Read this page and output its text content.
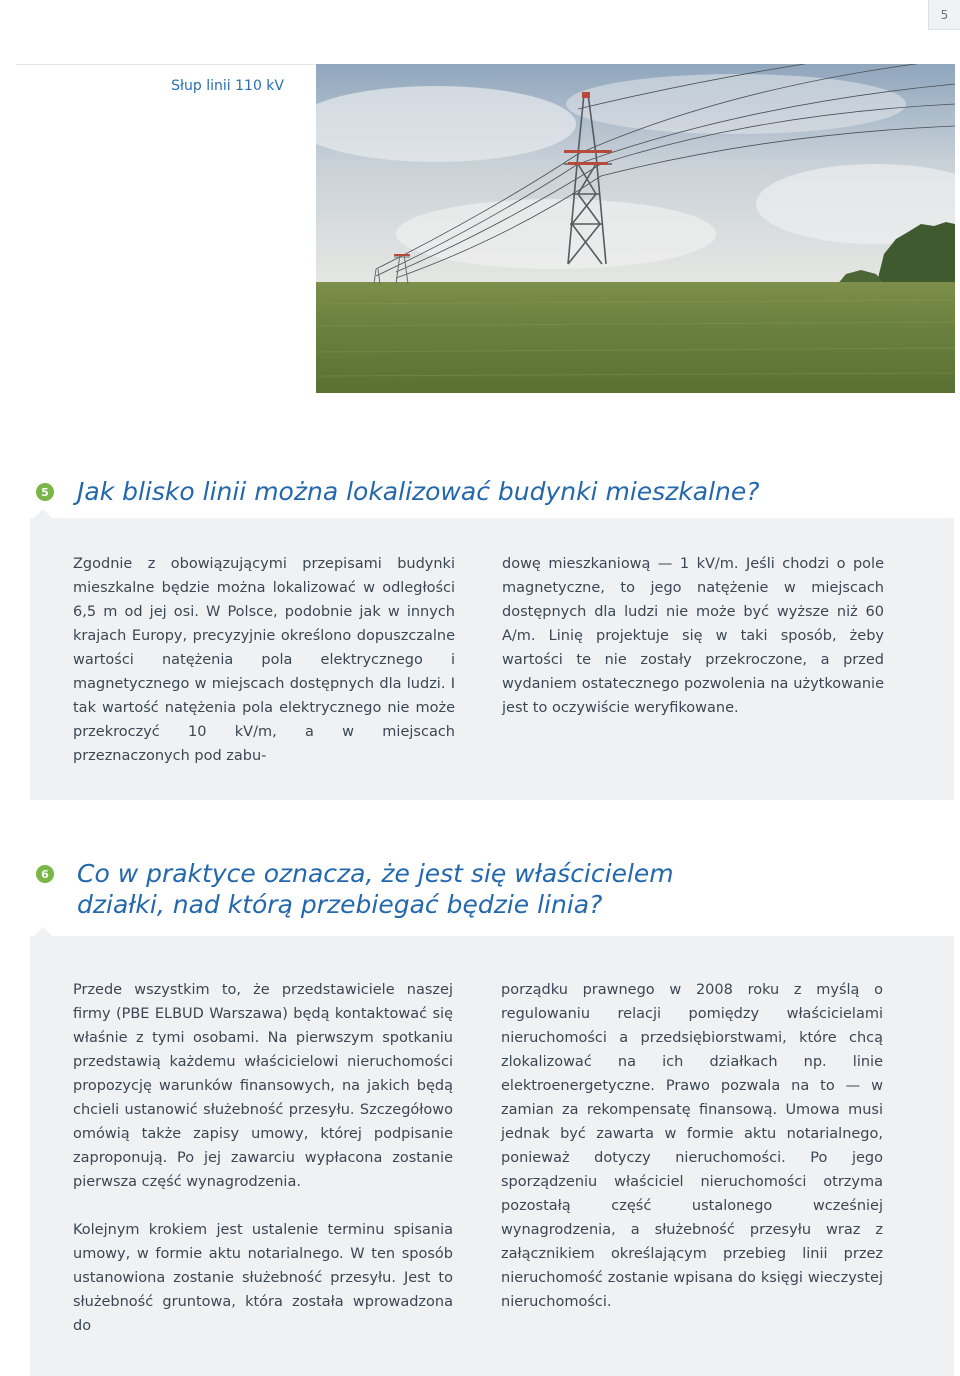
5
Słup linii 110 kV
5 Jak blisko linii można lokalizować budynki mieszkalne?

Zgodnie z obowiązującymi przepisami budynki mieszkalne będzie można lokalizować w odległości 6,5 m od jej osi. W Polsce, podobnie jak w innych krajach Europy, precyzyjnie określono dopuszczalne wartości natężenia pola elektrycznego i magnetycznego w miejscach dostępnych dla ludzi. I tak wartość natężenia pola elektrycznego nie może przekroczyć 10 kV/m, a w miejscach przeznaczonych pod zabu-

dowę mieszkaniową — 1 kV/m. Jeśli chodzi o pole magnetyczne, to jego natężenie w miejscach dostępnych dla ludzi nie może być wyższe niż 60 A/m. Linię projektuje się w taki sposób, żeby wartości te nie zostały przekroczone, a przed wydaniem ostatecznego pozwolenia na użytkowanie jest to oczywiście weryfikowane.

6 Co w praktyce oznacza, że jest się właścicielem działki, nad którą przebiegać będzie linia?

Przede wszystkim to, że przedstawiciele naszej firmy (PBE ELBUD Warszawa) będą kontaktować się właśnie z tymi osobami. Na pierwszym spotkaniu przedstawią każdemu właścicielowi nieruchomości propozycję warunków finansowych, na jakich będą chcieli ustanowić służebność przesyłu. Szczegółowo omówią także zapisy umowy, której podpisanie zaproponują. Po jej zawarciu wypłacona zostanie pierwsza część wynagrodzenia.

Kolejnym krokiem jest ustalenie terminu spisania umowy, w formie aktu notarialnego. W ten sposób ustanowiona zostanie służebność przesyłu. Jest to służebność gruntowa, która została wprowadzona do

porządku prawnego w 2008 roku z myślą o regulowaniu relacji pomiędzy właścicielami nieruchomości a przedsiębiorstwami, które chcą zlokalizować na ich działkach np. linie elektroenergetyczne. Prawo pozwala na to — w zamian za rekompensatę finansową. Umowa musi jednak być zawarta w formie aktu notarialnego, ponieważ dotyczy nieruchomości. Po jego sporządzeniu właściciel nieruchomości otrzyma pozostałą część ustalonego wcześniej wynagrodzenia, a służebność przesyłu wraz z załącznikiem określającym przebieg linii przez nieruchomość zostanie wpisana do księgi wieczystej nieruchomości.
